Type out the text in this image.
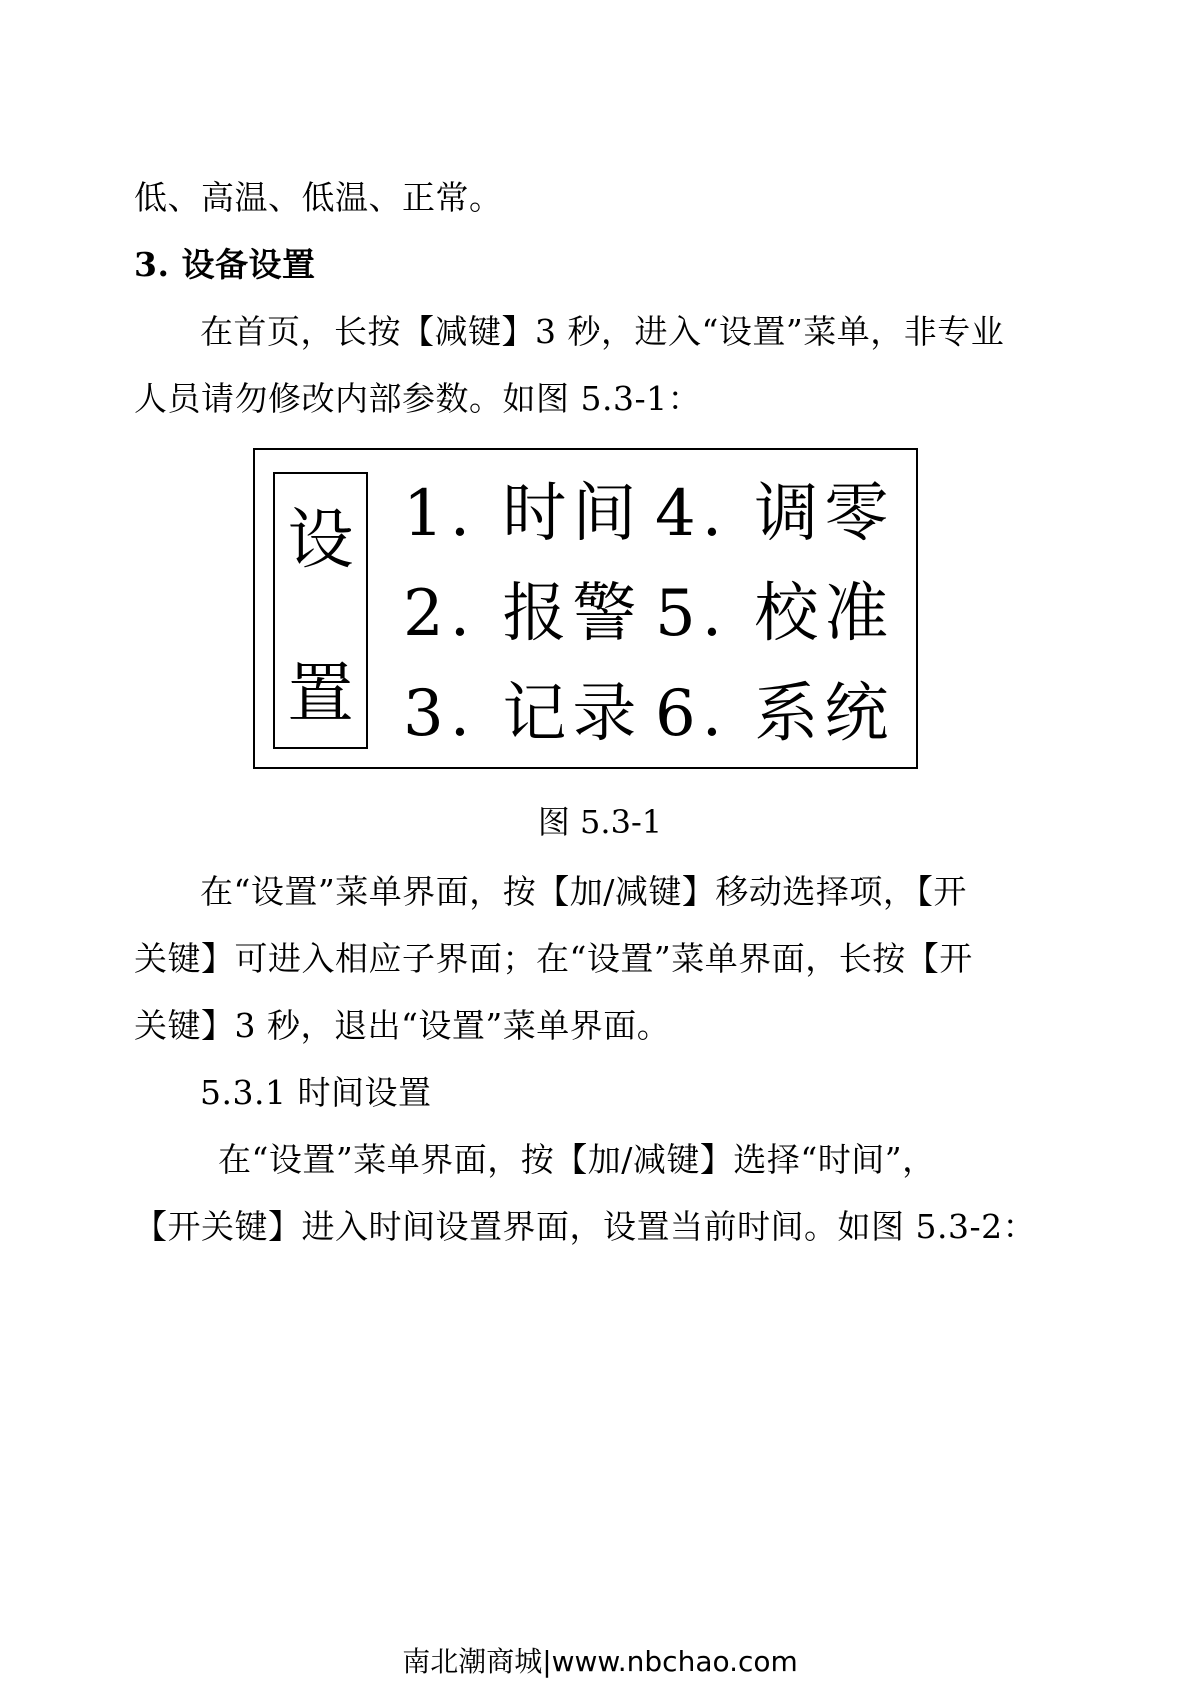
低、高温、低温、正常。
3. 设备设置
在首页，长按【减键】3 秒，进入“设置”菜单，非专业
人员请勿修改内部参数。如图 5.3-1：
设
置
1. 时间
2. 报警
3. 记录
4. 调零
5. 校准
6. 系统
图 5.3-1
在“设置”菜单界面，按【加/减键】移动选择项，【开
关键】可进入相应子界面；在“设置”菜单界面，长按【开
关键】3 秒，退出“设置”菜单界面。
5.3.1 时间设置
在“设置”菜单界面，按【加/减键】选择“时间”，
【开关键】进入时间设置界面，设置当前时间。如图 5.3-2：
南北潮商城|www.nbchao.com
